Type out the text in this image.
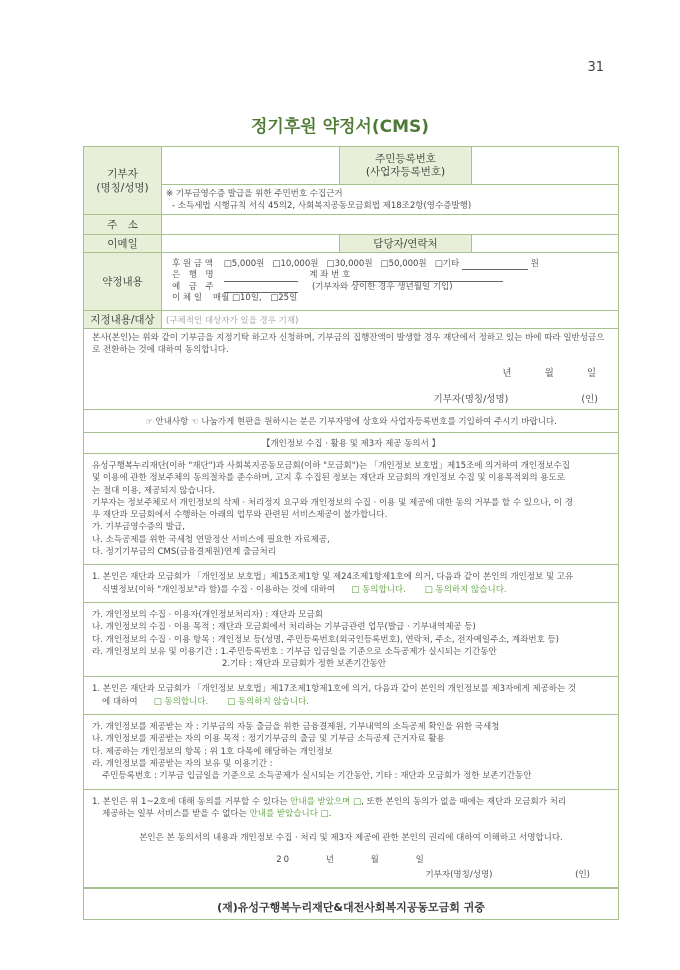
31
정기후원 약정서(CMS)
기부자
(명칭/성명)		주민등록번호
(사업자등록번호)	

	※ 기부금영수증 발급을 위한 주민번호 수집근거
- 소득세법 시행규칙 서식 45의2, 사회복지공동모금회법 제18조2항(영수증발행)		

주　소			
이메일		담당자/연락처	
약정내용	후 원 금 액 □5,000원 □10,000원 □30,000원 □50,000원 □기타 원
은　행　명 계 좌 번 호
예　금　주 (기부자와 상이한 경우 생년월일 기입)
이 체 일 매월 □10일,　□25일		

지정내용/대상	(구체적인 대상자가 있을 경우 기재)		
본사(본인)는 위와 같이 기부금을 지정기탁 하고자 신청하며, 기부금의 집행잔액이 발생할 경우 재단에서 정하고 있는 바에 따라 일반성금으로 전환하는 것에 대하여 동의합니다.
년	월	일
기부자(명칭/성명)	(인)
☞ 안내사항 ☜ 나눔가게 현판을 원하시는 분은 기부자명에 상호와 사업자등록번호를 기입하여 주시기 바랍니다.
【개인정보 수집 · 활용 및 제3자 제공 동의서 】
유성구행복누리재단(이하 "재단")과 사회복지공동모금회(이하 "모금회")는 「개인정보 보호법」제15조에 의거하여 개인정보수집
및 이용에 관한 정보주체의 동의절차를 준수하며, 고지 후 수집된 정보는 재단과 모금회의 개인정보 수집 및 이용목적외의 용도로
는 절대 이용, 제공되지 않습니다.
기부자는 정보주체로서 개인정보의 삭제 · 처리정지 요구와 개인정보의 수집 · 이용 및 제공에 대한 동의 거부를 할 수 있으나, 이 경
우 재단과 모금회에서 수행하는 아래의 업무와 관련된 서비스제공이 불가합니다.
가. 기부금영수증의 발급,
나. 소득공제를 위한 국세청 연말정산 서비스에 필요한 자료제공,
다. 정기기부금의 CMS(금융결제원)연계 출금처리
1. 본인은 재단과 모금회가 「개인정보 보호법」제15조제1항 및 제24조제1항제1호에 의거, 다음과 같이 본인의 개인정보 및 고유
식별정보(이하 "개인정보"라 함)를 수집 · 이용하는 것에 대하여 □ 동의합니다. □ 동의하지 않습니다.
가. 개인정보의 수집 · 이용자(개인정보처리자) : 재단과 모금회
나. 개인정보의 수집 · 이용 목적 : 재단과 모금회에서 처리하는 기부금관련 업무(발급 · 기부내역제공 등)
다. 개인정보의 수집 · 이용 항목 : 개인정보 등(성명, 주민등록번호(외국인등록번호), 연락처, 주소, 전자메일주소, 계좌번호 등)
라. 개인정보의 보유 및 이용기간 : 1.주민등록번호 : 기부금 입금일을 기준으로 소득공제가 실시되는 기간동안
2.기타 : 재단과 모금회가 정한 보존기간동안
1. 본인은 재단과 모금회가 「개인정보 보호법」제17조제1항제1호에 의거, 다음과 같이 본인의 개인정보를 제3자에게 제공하는 것
에 대하여 □ 동의합니다. □ 동의하지 않습니다.
가. 개인정보를 제공받는 자 : 기부금의 자동 출금을 위한 금융결제원, 기부내역의 소득공제 확인을 위한 국세청
나. 개인정보를 제공받는 자의 이용 목적 : 정기기부금의 출금 및 기부금 소득공제 근거자료 활용
다. 제공하는 개인정보의 항목 : 위 1호 다목에 해당하는 개인정보
라. 개인정보를 제공받는 자의 보유 및 이용기간 :
주민등록번호 : 기부금 입금일을 기준으로 소득공제가 실시되는 기간동안, 기타 : 재단과 모금회가 정한 보존기간동안
1. 본인은 위 1~2호에 대해 동의를 거부할 수 있다는 안내를 받았으며 □, 또한 본인의 동의가 없을 때에는 재단과 모금회가 처리
제공하는 일부 서비스를 받을 수 없다는 안내를 받았습니다 □.
본인은 본 동의서의 내용과 개인정보 수집 · 처리 및 제3자 제공에 관한 본인의 권리에 대하여 이해하고 서명합니다.
20	년	월	일
기부자(명칭/성명)	(인)
(재)유성구행복누리재단&대전사회복지공동모금회 귀중
